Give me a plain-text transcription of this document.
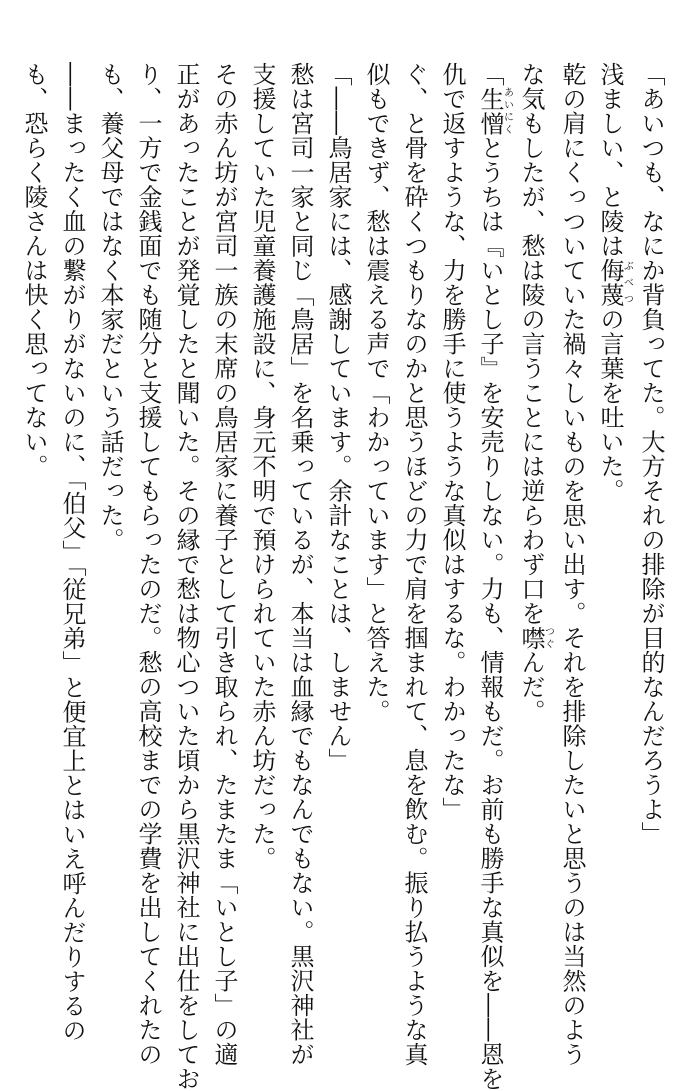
「あいつも、なにか背負ってた。大方それの排除が目的なんだろうよ」

浅ましい、と陵は侮蔑ぶべつの言葉を吐いた。

乾の肩にくっついていた禍々しいものを思い出す。それを排除したいと思うのは当然のよう

な気もしたが、愁は陵の言うことには逆らわず口を噤つぐんだ。

「生憎あいにくとうちは『いとし子』を安売りしない。力も、情報もだ。お前も勝手な真似を――恩を

仇で返すような、力を勝手に使うような真似はするな。わかったな」

ぐ、と骨を砕くつもりなのかと思うほどの力で肩を掴まれて、息を飲む。振り払うような真

似もできず、愁は震える声で「わかっています」と答えた。

「――鳥居家には、感謝しています。余計なことは、しません」

愁は宮司一家と同じ「鳥居」を名乗っているが、本当は血縁でもなんでもない。黒沢神社が

支援していた児童養護施設に、身元不明で預けられていた赤ん坊だった。

その赤ん坊が宮司一族の末席の鳥居家に養子として引き取られ、たまたま「いとし子」の適

正があったことが発覚したと聞いた。その縁で愁は物心ついた頃から黒沢神社に出仕をしてお

り、一方で金銭面でも随分と支援してもらったのだ。愁の高校までの学費を出してくれたの

も、養父母ではなく本家だという話だった。

――まったく血の繋がりがないのに、「伯父」「従兄弟」と便宜上とはいえ呼んだりするの

も、恐らく陵さんは快く思ってない。
